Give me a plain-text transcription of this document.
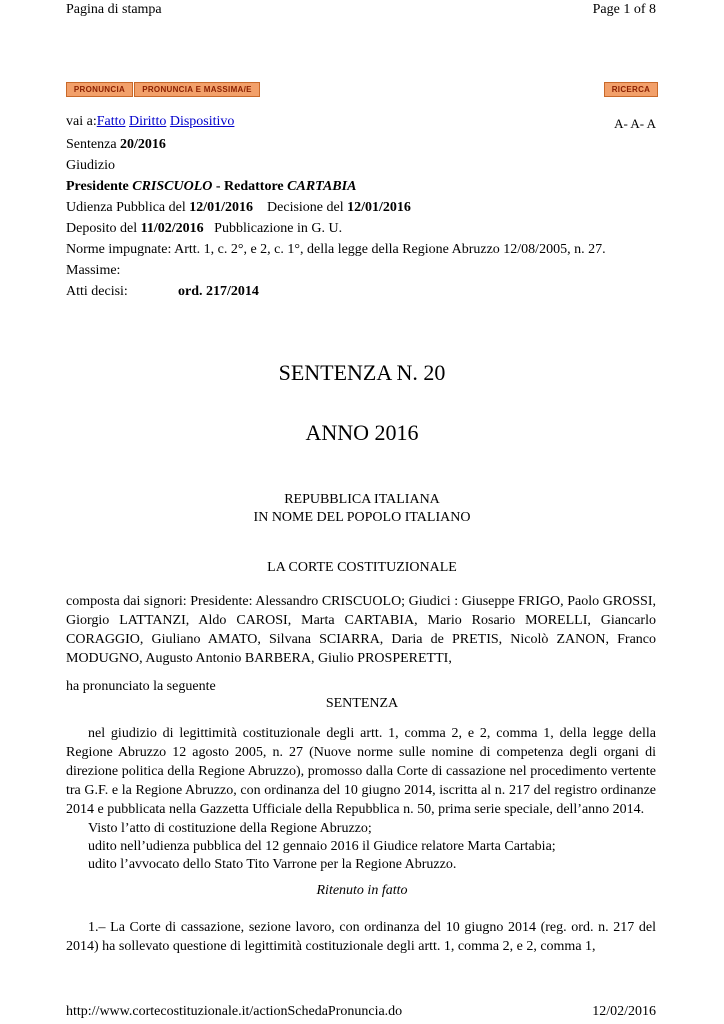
Pagina di stampa	Page 1 of 8
PRONUNCIA	PRONUNCIA E MASSIMA/E	RICERCA
vai a:Fatto Diritto Dispositivo	A- A- A
Sentenza 20/2016
Giudizio
Presidente CRISCUOLO - Redattore CARTABIA
Udienza Pubblica del 12/01/2016 Decisione del 12/01/2016
Deposito del 11/02/2016 Pubblicazione in G. U.
Norme impugnate: Artt. 1, c. 2°, e 2, c. 1°, della legge della Regione Abruzzo 12/08/2005, n. 27.
Massime:
Atti decisi:	ord. 217/2014
SENTENZA N. 20
ANNO 2016
REPUBBLICA ITALIANA
IN NOME DEL POPOLO ITALIANO
LA CORTE COSTITUZIONALE
composta dai signori: Presidente: Alessandro CRISCUOLO; Giudici : Giuseppe FRIGO, Paolo GROSSI, Giorgio LATTANZI, Aldo CAROSI, Marta CARTABIA, Mario Rosario MORELLI, Giancarlo CORAGGIO, Giuliano AMATO, Silvana SCIARRA, Daria de PRETIS, Nicolò ZANON, Franco MODUGNO, Augusto Antonio BARBERA, Giulio PROSPERETTI,
ha pronunciato la seguente
SENTENZA
nel giudizio di legittimità costituzionale degli artt. 1, comma 2, e 2, comma 1, della legge della Regione Abruzzo 12 agosto 2005, n. 27 (Nuove norme sulle nomine di competenza degli organi di direzione politica della Regione Abruzzo), promosso dalla Corte di cassazione nel procedimento vertente tra G.F. e la Regione Abruzzo, con ordinanza del 10 giugno 2014, iscritta al n. 217 del registro ordinanze 2014 e pubblicata nella Gazzetta Ufficiale della Repubblica n. 50, prima serie speciale, dell’anno 2014.
Visto l’atto di costituzione della Regione Abruzzo;
udito nell’udienza pubblica del 12 gennaio 2016 il Giudice relatore Marta Cartabia;
udito l’avvocato dello Stato Tito Varrone per la Regione Abruzzo.
Ritenuto in fatto
1.– La Corte di cassazione, sezione lavoro, con ordinanza del 10 giugno 2014 (reg. ord. n. 217 del 2014) ha sollevato questione di legittimità costituzionale degli artt. 1, comma 2, e 2, comma 1,
http://www.cortecostituzionale.it/actionSchedaPronuncia.do	12/02/2016
